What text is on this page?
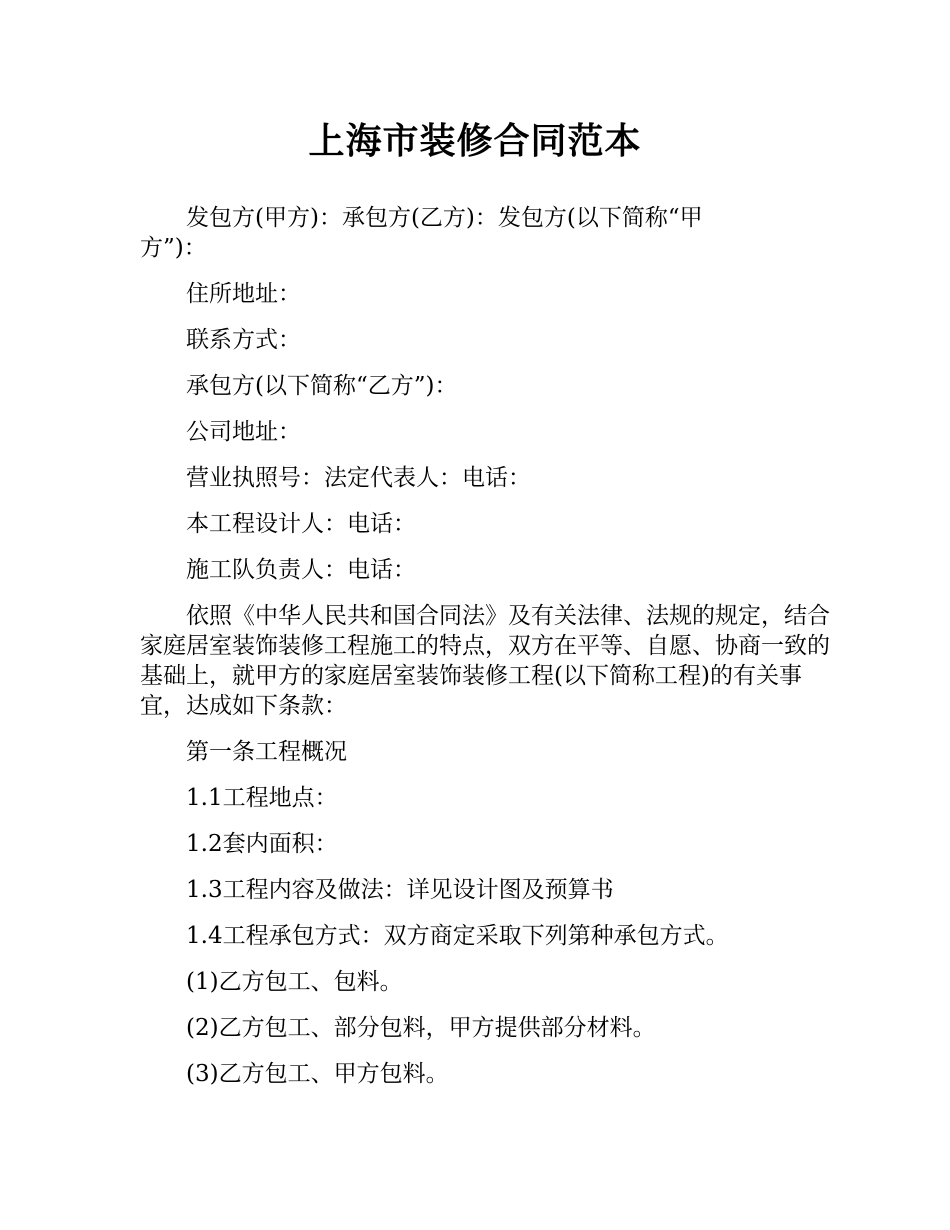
上海市装修合同范本

发包方(甲方)：承包方(乙方)：发包方(以下简称“甲方”)：

住所地址：

联系方式：

承包方(以下简称“乙方”)：

公司地址：

营业执照号：法定代表人：电话：

本工程设计人：电话：

施工队负责人：电话：

依照《中华人民共和国合同法》及有关法律、法规的规定，结合家庭居室装饰装修工程施工的特点，双方在平等、自愿、协商一致的基础上，就甲方的家庭居室装饰装修工程(以下简称工程)的有关事宜，达成如下条款：

第一条工程概况

1.1工程地点：

1.2套内面积：

1.3工程内容及做法：详见设计图及预算书

1.4工程承包方式：双方商定采取下列第种承包方式。

(1)乙方包工、包料。

(2)乙方包工、部分包料，甲方提供部分材料。

(3)乙方包工、甲方包料。
